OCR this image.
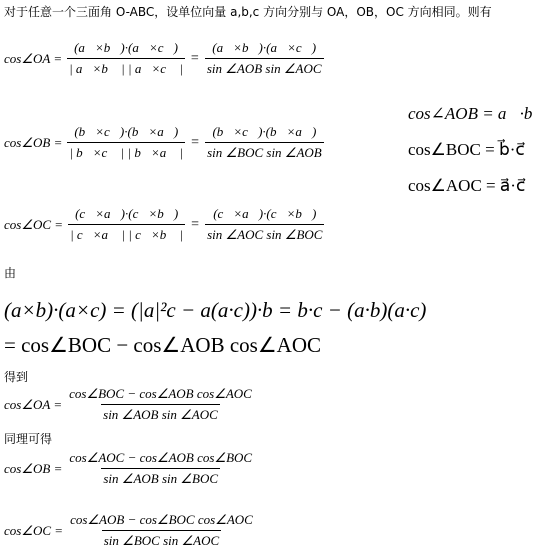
对于任意一个三面角 O-ABC，设单位向量 a,b,c 方向分别与 OA，OB，OC 方向相同。则有
cos∠OA = $\frac{(a⃗\times b⃗)\cdot(a⃗\times c⃗)}{| a⃗\times b⃗ | | a⃗\times c⃗ |} = \frac{(a⃗\times b⃗)\cdot(a⃗\times c⃗)}{\text{sin ∠AOB sin ∠AOC}}$
cos∠OB = $\frac{(b⃗\times c⃗)\cdot(b⃗\times a⃗)}{| b⃗\times c⃗ | | b⃗\times a⃗ |} = \frac{(b⃗\times c⃗)\cdot(b⃗\times a⃗)}{\text{sin ∠BOC sin ∠AOB}}$
cos∠OC = $\frac{(c⃗\times a⃗)\cdot(c⃗\times b⃗)}{| c⃗\times a⃗ | | c⃗\times b⃗ |} = \frac{(c⃗\times a⃗)\cdot(c⃗\times b⃗)}{\text{sin ∠AOC sin ∠BOC}}$
cos∠AOB = a⃗·b⃗
cos∠BOC = b⃗·c⃗
cos∠AOC = a⃗·c⃗
由
(a×b)·(a×c) = (|a|²c − a(a·c))·b = b·c − (a·b)(a·c)
= cos∠BOC − cos∠AOB cos∠AOC
得到
cos∠OA = $\frac{\text{cos∠BOC − cos∠AOB cos∠AOC}}{\text{sin ∠AOB sin ∠AOC}}$
同理可得
cos∠OB = $\frac{\text{cos∠AOC − cos∠AOB cos∠BOC}}{\text{sin ∠AOB sin ∠BOC}}$
cos∠OC = $\frac{\text{cos∠AOB − cos∠BOC cos∠AOC}}{\text{sin ∠BOC sin ∠AOC}}$
